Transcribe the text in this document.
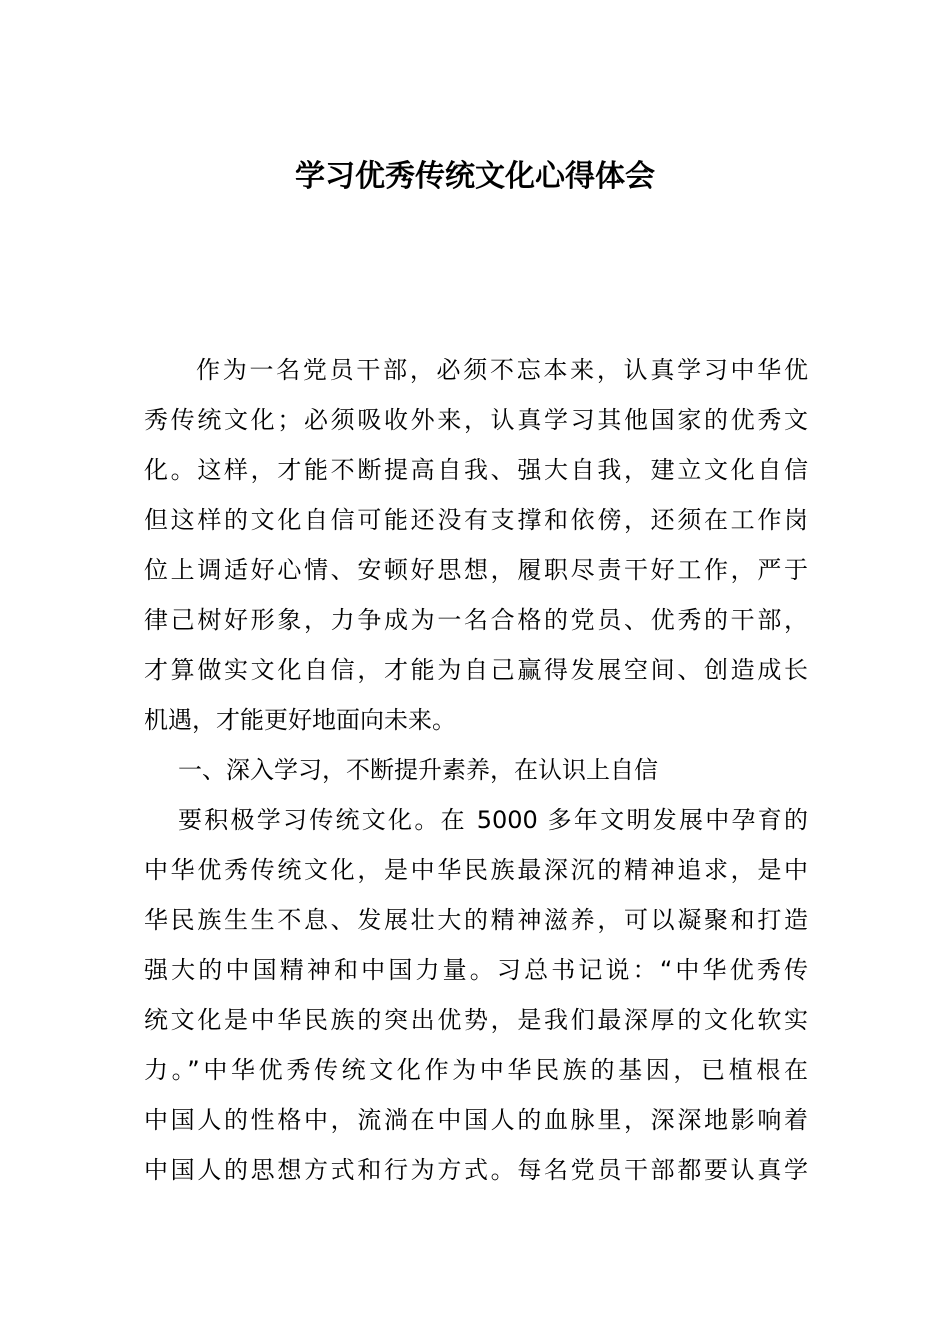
学习优秀传统文化心得体会
作为一名党员干部，必须不忘本来，认真学习中华优
秀传统文化；必须吸收外来，认真学习其他国家的优秀文
化。这样，才能不断提高自我、强大自我，建立文化自信
但这样的文化自信可能还没有支撑和依傍，还须在工作岗
位上调适好心情、安顿好思想，履职尽责干好工作，严于
律己树好形象，力争成为一名合格的党员、优秀的干部，
才算做实文化自信，才能为自己赢得发展空间、创造成长
机遇，才能更好地面向未来。
一、深入学习，不断提升素养，在认识上自信
要积极学习传统文化。在 5000 多年文明发展中孕育的
中华优秀传统文化，是中华民族最深沉的精神追求，是中
华民族生生不息、发展壮大的精神滋养，可以凝聚和打造
强大的中国精神和中国力量。习总书记说：“中华优秀传
统文化是中华民族的突出优势，是我们最深厚的文化软实
力。”中华优秀传统文化作为中华民族的基因，已植根在
中国人的性格中，流淌在中国人的血脉里，深深地影响着
中国人的思想方式和行为方式。每名党员干部都要认真学
